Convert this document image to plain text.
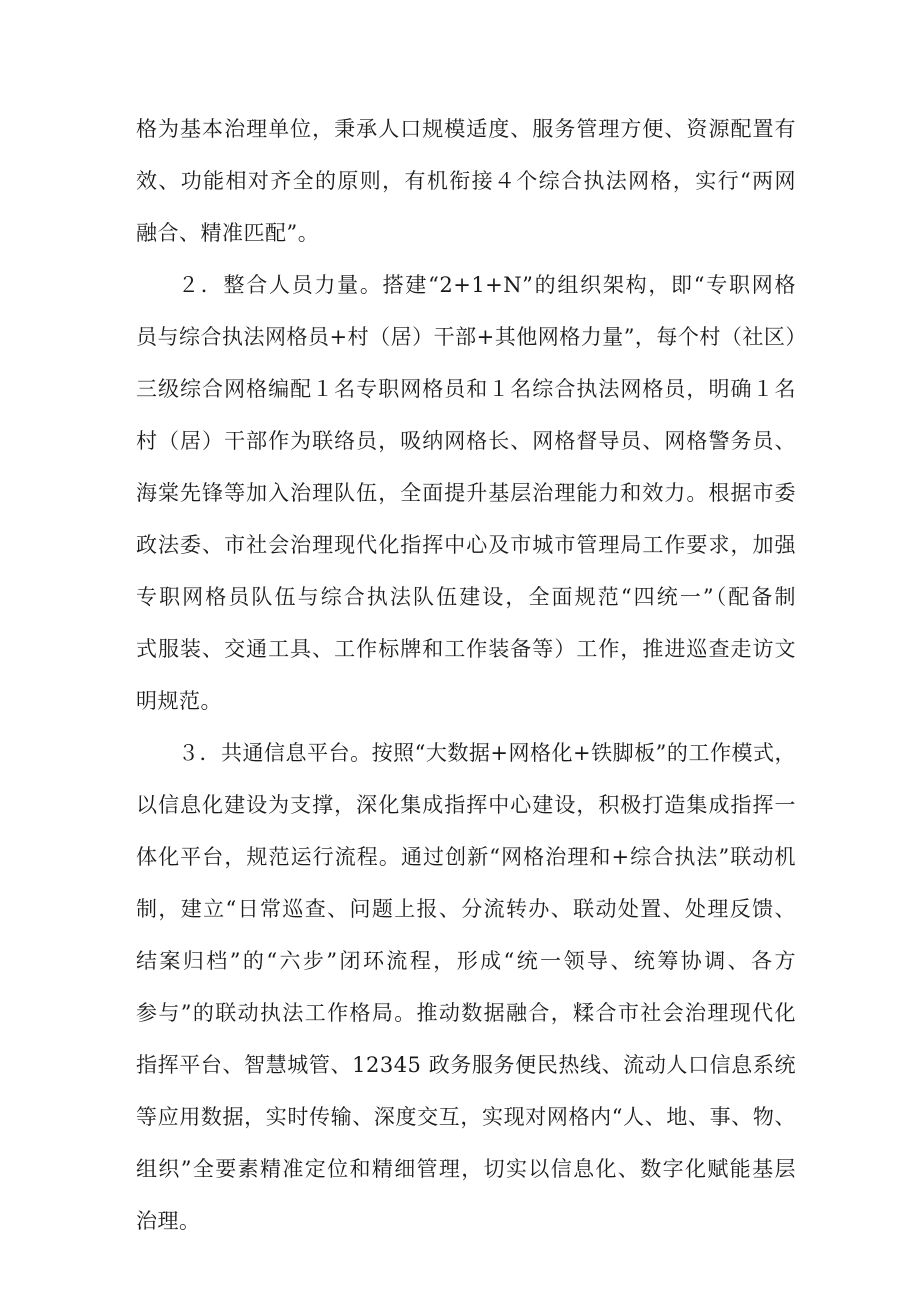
格为基本治理单位，秉承人口规模适度、服务管理方便、资源配置有

效、功能相对齐全的原则，有机衔接４个综合执法网格，实行“两网

融合、精准匹配”。

２．整合人员力量。搭建“2+1+N”的组织架构，即“专职网格

员与综合执法网格员+村（居）干部+其他网格力量”，每个村（社区）

三级综合网格编配１名专职网格员和１名综合执法网格员，明确１名

村（居）干部作为联络员，吸纳网格长、网格督导员、网格警务员、

海棠先锋等加入治理队伍，全面提升基层治理能力和效力。根据市委

政法委、市社会治理现代化指挥中心及市城市管理局工作要求，加强

专职网格员队伍与综合执法队伍建设，全面规范“四统一”（配备制

式服装、交通工具、工作标牌和工作装备等）工作，推进巡查走访文

明规范。

３．共通信息平台。按照“大数据+网格化+铁脚板”的工作模式，

以信息化建设为支撑，深化集成指挥中心建设，积极打造集成指挥一

体化平台，规范运行流程。通过创新“网格治理和+综合执法”联动机

制，建立“日常巡查、问题上报、分流转办、联动处置、处理反馈、

结案归档”的“六步”闭环流程，形成“统一领导、统筹协调、各方

参与”的联动执法工作格局。推动数据融合，糅合市社会治理现代化

指挥平台、智慧城管、12345 政务服务便民热线、流动人口信息系统

等应用数据，实时传输、深度交互，实现对网格内“人、地、事、物、

组织”全要素精准定位和精细管理，切实以信息化、数字化赋能基层

治理。
